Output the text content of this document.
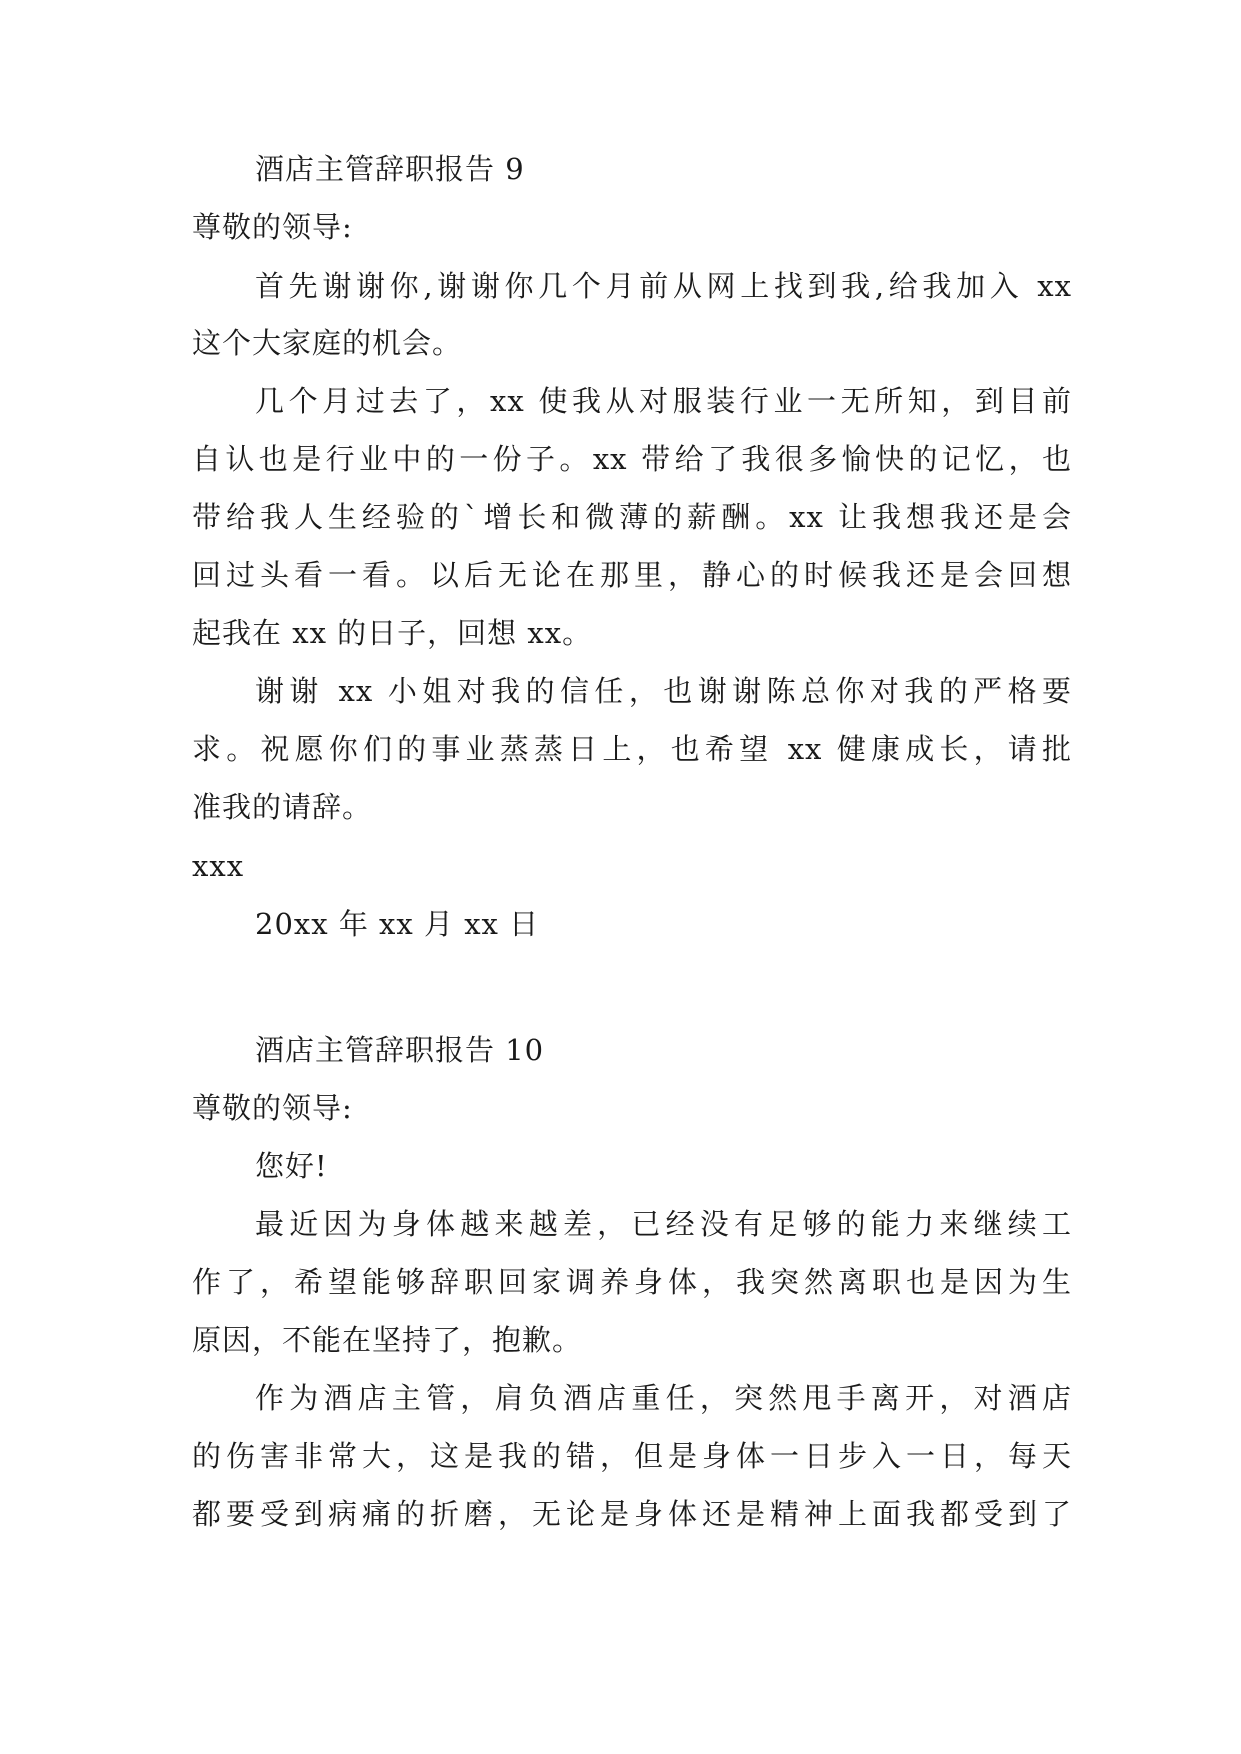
酒店主管辞职报告 9
尊敬的领导:
首先谢谢你,谢谢你几个月前从网上找到我,给我加入 xx
这个大家庭的机会。
几个月过去了，xx 使我从对服装行业一无所知，到目前
自认也是行业中的一份子。xx 带给了我很多愉快的记忆，也
带给我人生经验的`增长和微薄的薪酬。xx 让我想我还是会
回过头看一看。以后无论在那里，静心的时候我还是会回想
起我在 xx 的日子，回想 xx。
谢谢 xx 小姐对我的信任，也谢谢陈总你对我的严格要
求。祝愿你们的事业蒸蒸日上，也希望 xx 健康成长，请批
准我的请辞。
xxx
20xx 年 xx 月 xx 日
酒店主管辞职报告 10
尊敬的领导:
您好!
最近因为身体越来越差，已经没有足够的能力来继续工
作了，希望能够辞职回家调养身体，我突然离职也是因为生
原因，不能在坚持了，抱歉。
作为酒店主管，肩负酒店重任，突然甩手离开，对酒店
的伤害非常大，这是我的错，但是身体一日步入一日，每天
都要受到病痛的折磨，无论是身体还是精神上面我都受到了
